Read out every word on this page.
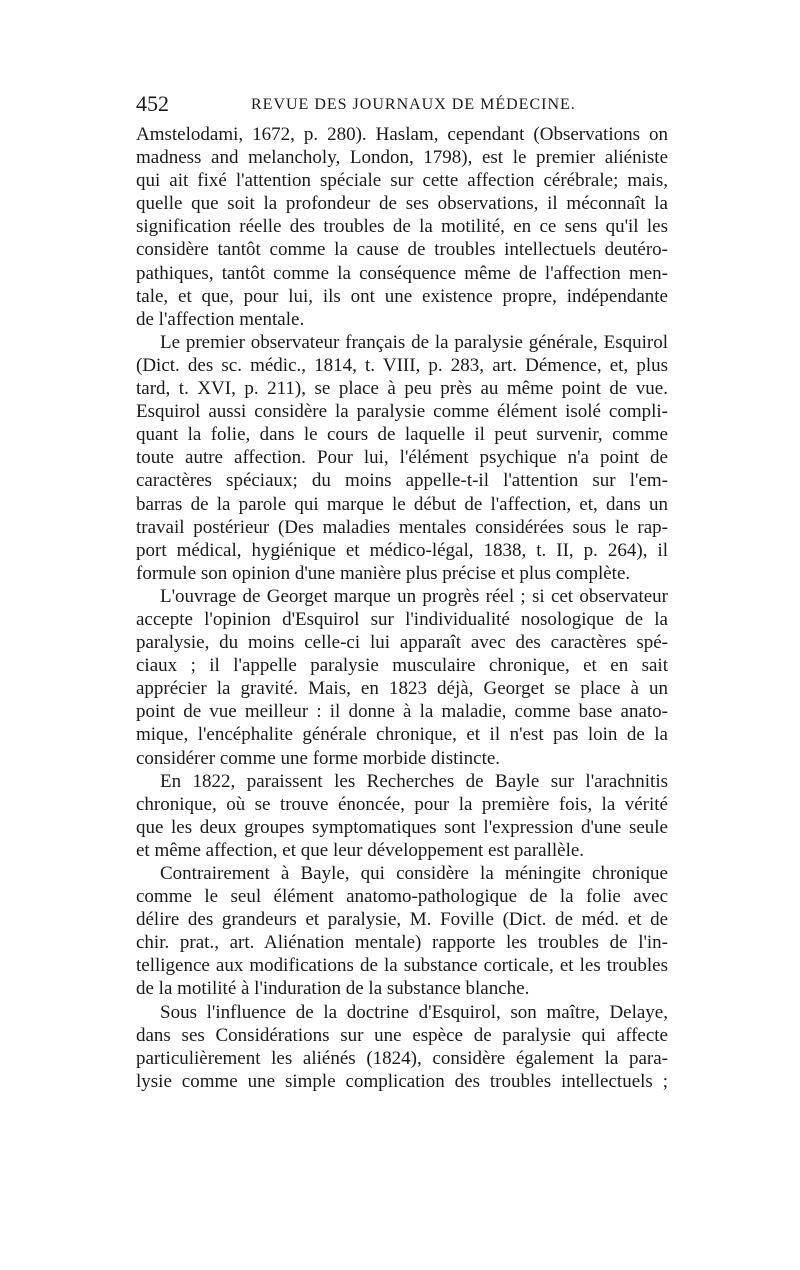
452	REVUE DES JOURNAUX DE MÉDECINE.
Amstelodami, 1672, p. 280). Haslam, cependant (Observations on
madness and melancholy, London, 1798), est le premier aliéniste
qui ait fixé l'attention spéciale sur cette affection cérébrale; mais,
quelle que soit la profondeur de ses observations, il méconnaît la
signification réelle des troubles de la motilité, en ce sens qu'il les
considère tantôt comme la cause de troubles intellectuels deutéro-
pathiques, tantôt comme la conséquence même de l'affection men-
tale, et que, pour lui, ils ont une existence propre, indépendante
de l'affection mentale.
Le premier observateur français de la paralysie générale, Esquirol
(Dict. des sc. médic., 1814, t. VIII, p. 283, art. Démence, et, plus
tard, t. XVI, p. 211), se place à peu près au même point de vue.
Esquirol aussi considère la paralysie comme élément isolé compli-
quant la folie, dans le cours de laquelle il peut survenir, comme
toute autre affection. Pour lui, l'élément psychique n'a point de
caractères spéciaux; du moins appelle-t-il l'attention sur l'em-
barras de la parole qui marque le début de l'affection, et, dans un
travail postérieur (Des maladies mentales considérées sous le rap-
port médical, hygiénique et médico-légal, 1838, t. II, p. 264), il
formule son opinion d'une manière plus précise et plus complète.
L'ouvrage de Georget marque un progrès réel ; si cet observateur
accepte l'opinion d'Esquirol sur l'individualité nosologique de la
paralysie, du moins celle-ci lui apparaît avec des caractères spé-
ciaux ; il l'appelle paralysie musculaire chronique, et en sait
apprécier la gravité. Mais, en 1823 déjà, Georget se place à un
point de vue meilleur : il donne à la maladie, comme base anato-
mique, l'encéphalite générale chronique, et il n'est pas loin de la
considérer comme une forme morbide distincte.
En 1822, paraissent les Recherches de Bayle sur l'arachnitis
chronique, où se trouve énoncée, pour la première fois, la vérité
que les deux groupes symptomatiques sont l'expression d'une seule
et même affection, et que leur développement est parallèle.
Contrairement à Bayle, qui considère la méningite chronique
comme le seul élément anatomo-pathologique de la folie avec
délire des grandeurs et paralysie, M. Foville (Dict. de méd. et de
chir. prat., art. Aliénation mentale) rapporte les troubles de l'in-
telligence aux modifications de la substance corticale, et les troubles
de la motilité à l'induration de la substance blanche.
Sous l'influence de la doctrine d'Esquirol, son maître, Delaye,
dans ses Considérations sur une espèce de paralysie qui affecte
particulièrement les aliénés (1824), considère également la para-
lysie comme une simple complication des troubles intellectuels ;
